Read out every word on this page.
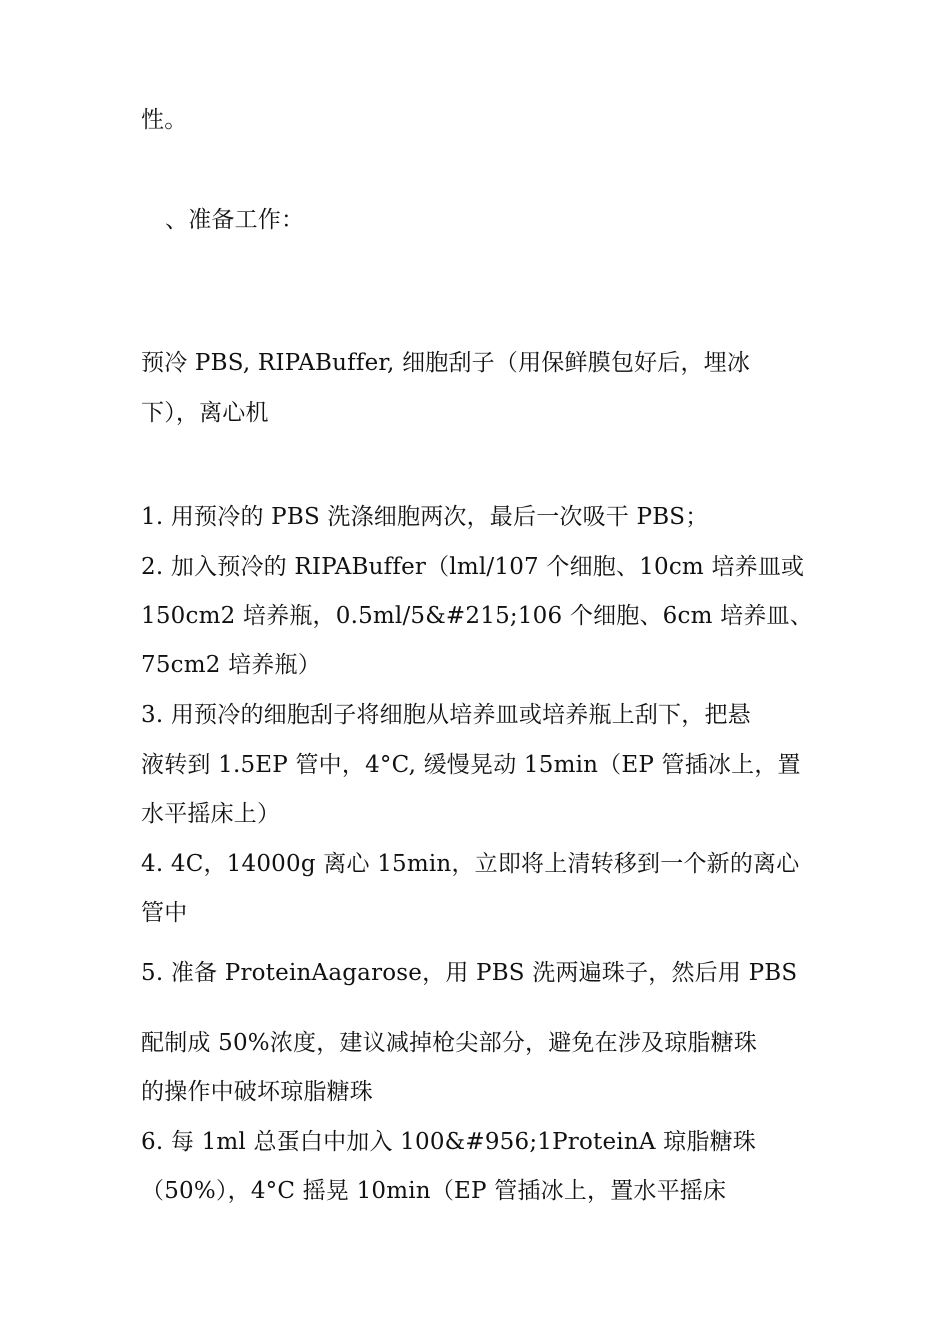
性。
、准备工作：
预冷 PBS, RIPABuffer, 细胞刮子（用保鲜膜包好后，埋冰
下），离心机
1. 用预冷的 PBS 洗涤细胞两次，最后一次吸干 PBS；
2. 加入预冷的 RIPABuffer（lml/107 个细胞、10cm 培养皿或
150cm2 培养瓶，0.5ml/5&#215;106 个细胞、6cm 培养皿、
75cm2 培养瓶）
3. 用预冷的细胞刮子将细胞从培养皿或培养瓶上刮下，把悬
液转到 1.5EP 管中，4°C, 缓慢晃动 15min（EP 管插冰上，置
水平摇床上）
4. 4C，14000g 离心 15min，立即将上清转移到一个新的离心
管中
5. 准备 ProteinAagarose，用 PBS 洗两遍珠子，然后用 PBS
配制成 50%浓度，建议减掉枪尖部分，避免在涉及琼脂糖珠
的操作中破坏琼脂糖珠
6. 每 1ml 总蛋白中加入 100&#956;1ProteinA 琼脂糖珠
（50%），4°C 摇晃 10min（EP 管插冰上，置水平摇床
